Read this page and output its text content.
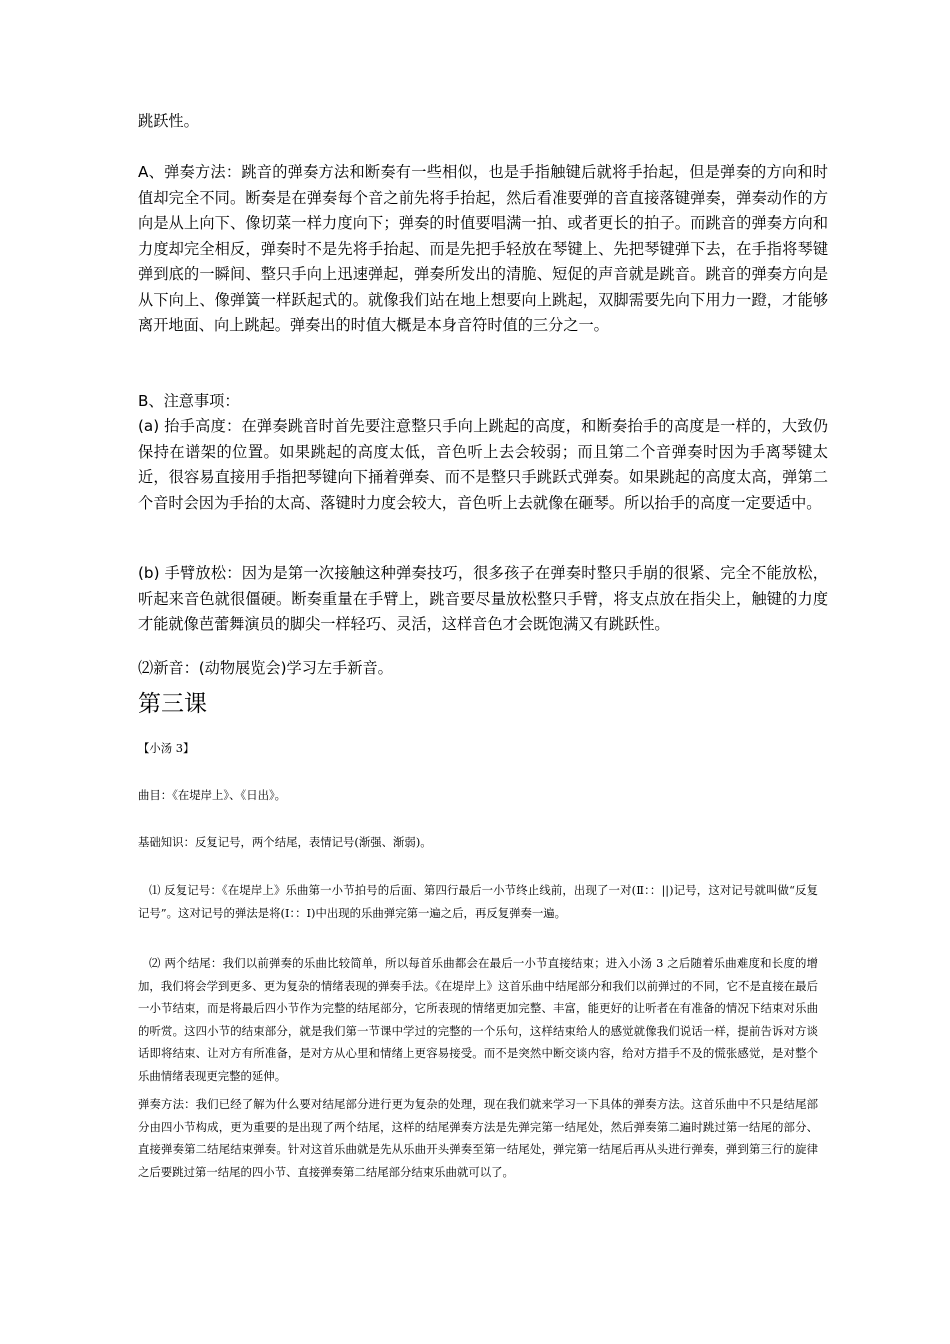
跳跃性。

A、弹奏方法：跳音的弹奏方法和断奏有一些相似，也是手指触键后就将手抬起，但是弹奏的方向和时值却完全不同。断奏是在弹奏每个音之前先将手抬起，然后看准要弹的音直接落键弹奏，弹奏动作的方向是从上向下、像切菜一样力度向下；弹奏的时值要唱满一拍、或者更长的拍子。而跳音的弹奏方向和力度却完全相反，弹奏时不是先将手抬起、而是先把手轻放在琴键上、先把琴键弹下去，在手指将琴键弹到底的一瞬间、整只手向上迅速弹起，弹奏所发出的清脆、短促的声音就是跳音。跳音的弹奏方向是从下向上、像弹簧一样跃起式的。就像我们站在地上想要向上跳起，双脚需要先向下用力一蹬，才能够离开地面、向上跳起。弹奏出的时值大概是本身音符时值的三分之一。

B、注意事项：

(a) 抬手高度：在弹奏跳音时首先要注意整只手向上跳起的高度，和断奏抬手的高度是一样的，大致仍保持在谱架的位置。如果跳起的高度太低，音色听上去会较弱；而且第二个音弹奏时因为手离琴键太近，很容易直接用手指把琴键向下捅着弹奏、而不是整只手跳跃式弹奏。如果跳起的高度太高，弹第二个音时会因为手抬的太高、落键时力度会较大，音色听上去就像在砸琴。所以抬手的高度一定要适中。

(b) 手臂放松：因为是第一次接触这种弹奏技巧，很多孩子在弹奏时整只手崩的很紧、完全不能放松，听起来音色就很僵硬。断奏重量在手臂上，跳音要尽量放松整只手臂，将支点放在指尖上，触键的力度才能就像芭蕾舞演员的脚尖一样轻巧、灵活，这样音色才会既饱满又有跳跃性。

⑵新音：(动物展览会)学习左手新音。

第三课

【小汤 3】

曲目：《在堤岸上》、《日出》。

基础知识：反复记号，两个结尾，表情记号(渐强、渐弱)。

⑴ 反复记号：《在堤岸上》乐曲第一小节拍号的后面、第四行最后一小节终止线前，出现了一对(Ⅱ：：||)记号，这对记号就叫做“反复记号”。这对记号的弹法是将(I：：I)中出现的乐曲弹完第一遍之后，再反复弹奏一遍。

⑵ 两个结尾：我们以前弹奏的乐曲比较简单，所以每首乐曲都会在最后一小节直接结束；进入小汤 3 之后随着乐曲难度和长度的增加，我们将会学到更多、更为复杂的情绪表现的弹奏手法。《在堤岸上》这首乐曲中结尾部分和我们以前弹过的不同，它不是直接在最后一小节结束，而是将最后四小节作为完整的结尾部分，它所表现的情绪更加完整、丰富，能更好的让听者在有准备的情况下结束对乐曲的听赏。这四小节的结束部分，就是我们第一节课中学过的完整的一个乐句，这样结束给人的感觉就像我们说话一样，提前告诉对方谈话即将结束、让对方有所准备，是对方从心里和情绪上更容易接受。而不是突然中断交谈内容，给对方措手不及的慌张感觉，是对整个乐曲情绪表现更完整的延伸。

弹奏方法：我们已经了解为什么要对结尾部分进行更为复杂的处理，现在我们就来学习一下具体的弹奏方法。这首乐曲中不只是结尾部分由四小节构成，更为重要的是出现了两个结尾，这样的结尾弹奏方法是先弹完第一结尾处，然后弹奏第二遍时跳过第一结尾的部分、直接弹奏第二结尾结束弹奏。针对这首乐曲就是先从乐曲开头弹奏至第一结尾处，弹完第一结尾后再从头进行弹奏，弹到第三行的旋律之后要跳过第一结尾的四小节、直接弹奏第二结尾部分结束乐曲就可以了。
